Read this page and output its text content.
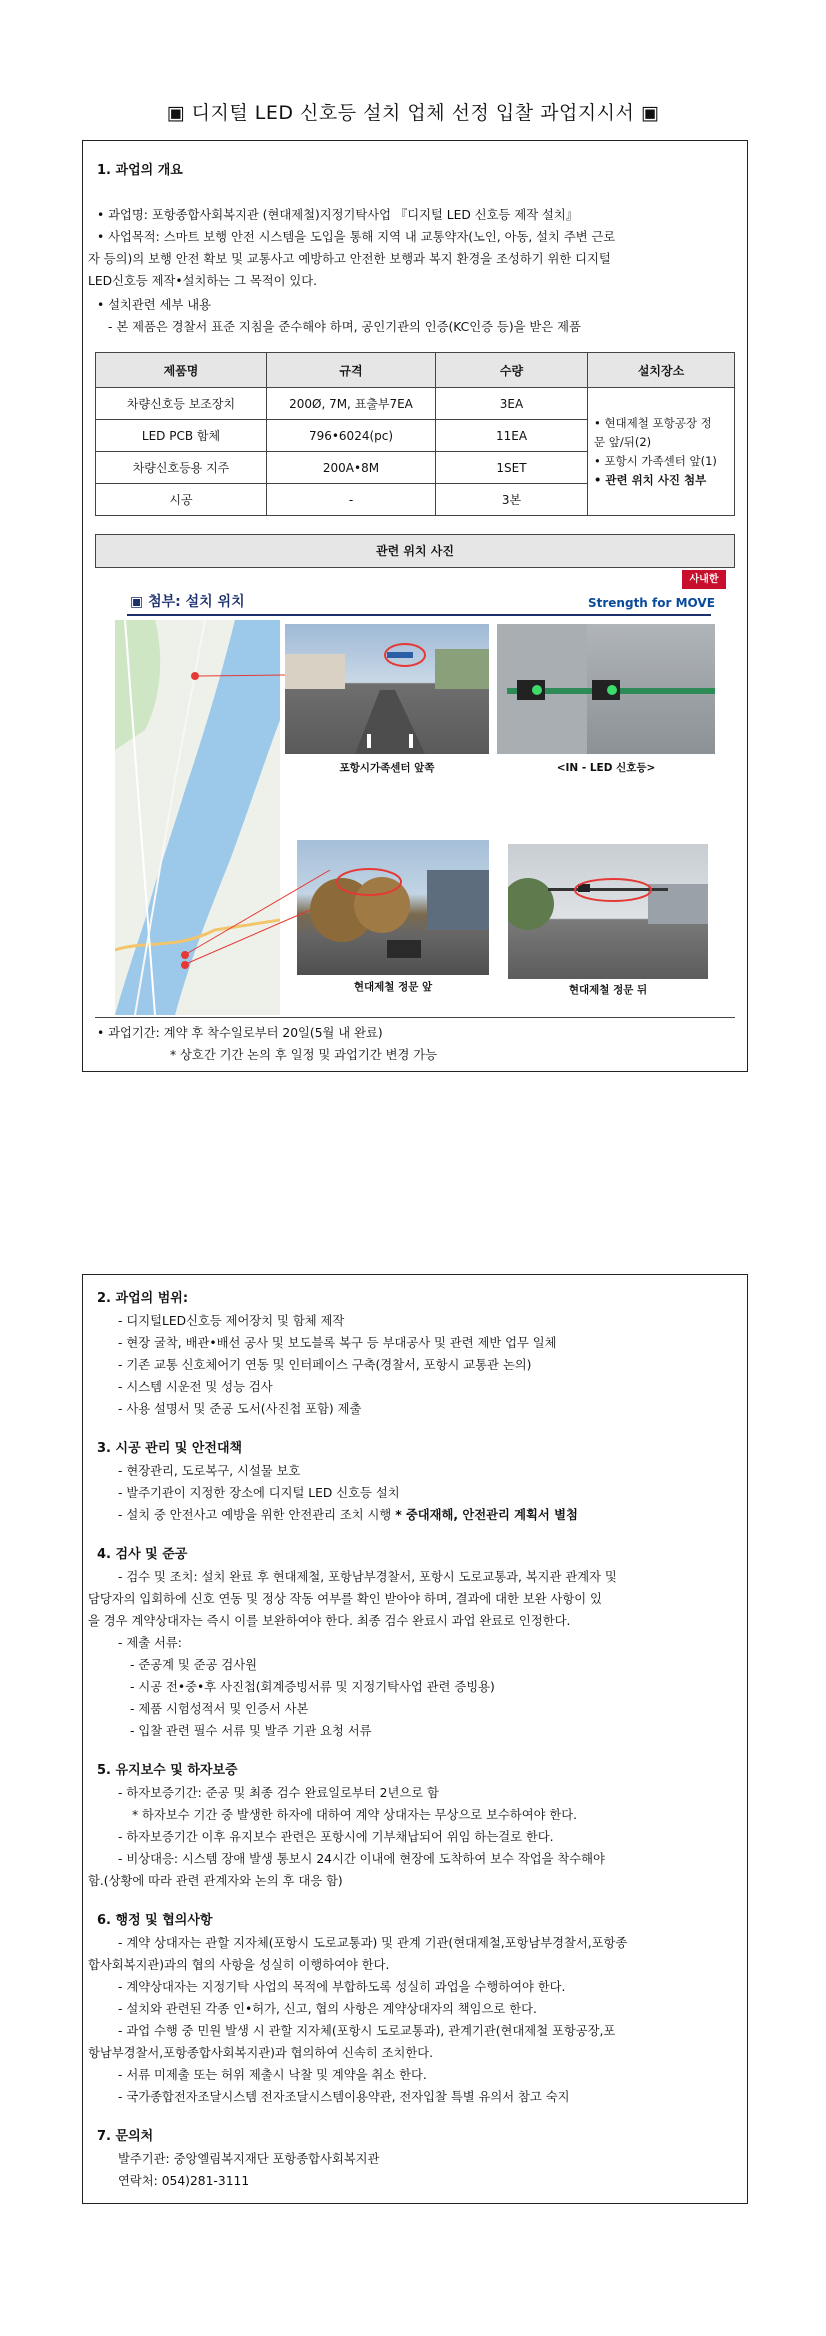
▣ 디지털 LED 신호등 설치 업체 선정 입찰 과업지시서 ▣
1. 과업의 개요
• 과업명: 포항종합사회복지관 (현대제철)지정기탁사업 『디지털 LED 신호등 제작 설치』
• 사업목적: 스마트 보행 안전 시스템을 도입을 통해 지역 내 교통약자(노인, 아동, 설치 주변 근로
자 등의)의 보행 안전 확보 및 교통사고 예방하고 안전한 보행과 복지 환경을 조성하기 위한 디지털
LED신호등 제작•설치하는 그 목적이 있다.
• 설치관련 세부 내용
- 본 제품은 경찰서 표준 지침을 준수해야 하며, 공인기관의 인증(KC인증 등)을 받은 제품
제품명	규격	수량	설치장소
차량신호등 보조장치	200Ø, 7M, 표출부7EA	3EA	• 현대제철 포항공장 정
문 앞/뒤(2)
• 포항시 가족센터 앞(1)
• 관련 위치 사진 첨부

LED PCB 함체	796•6024(pc)	11EA	
차량신호등용 지주	200A•8M	1SET	
시공	-	3본	
관련 위치 사진
사내한
▣ 첨부: 설치 위치	Strength for MOVE
포항시가족센터 앞쪽	<IN - LED 신호등>
현대제철 정문 앞	현대제철 정문 뒤
• 과업기간: 계약 후 착수일로부터 20일(5월 내 완료)
* 상호간 기간 논의 후 일정 및 과업기간 변경 가능
2. 과업의 범위:
- 디지털LED신호등 제어장치 및 함체 제작
- 현장 굴착, 배관•배선 공사 및 보도블록 복구 등 부대공사 및 관련 제반 업무 일체
- 기존 교통 신호체어기 연동 및 인터페이스 구축(경찰서, 포항시 교통관 논의)
- 시스템 시운전 및 성능 검사
- 사용 설명서 및 준공 도서(사진첩 포함) 제출
3. 시공 관리 및 안전대책
- 현장관리, 도로복구, 시설물 보호
- 발주기관이 지정한 장소에 디지털 LED 신호등 설치
- 설치 중 안전사고 예방을 위한 안전관리 조치 시행 * 중대재해, 안전관리 계획서 별첨
4. 검사 및 준공
- 검수 및 조치: 설치 완료 후 현대제철, 포항남부경찰서, 포항시 도로교통과, 복지관 관계자 및
담당자의 입회하에 신호 연동 및 정상 작동 여부를 확인 받아야 하며, 결과에 대한 보완 사항이 있
을 경우 계약상대자는 즉시 이를 보완하여야 한다. 최종 검수 완료시 과업 완료로 인정한다.
- 제출 서류:
- 준공계 및 준공 검사원
- 시공 전•중•후 사진첩(회계증빙서류 및 지정기탁사업 관련 증빙용)
- 제품 시험성적서 및 인증서 사본
- 입찰 관련 필수 서류 및 발주 기관 요청 서류
5. 유지보수 및 하자보증
- 하자보증기간: 준공 및 최종 검수 완료일로부터 2년으로 함
* 하자보수 기간 중 발생한 하자에 대하여 계약 상대자는 무상으로 보수하여야 한다.
- 하자보증기간 이후 유지보수 관련은 포항시에 기부채납되어 위임 하는걸로 한다.
- 비상대응: 시스템 장애 발생 통보시 24시간 이내에 현장에 도착하여 보수 작업을 착수해야
함.(상황에 따라 관련 관계자와 논의 후 대응 함)
6. 행정 및 협의사항
- 계약 상대자는 관할 지자체(포항시 도로교통과) 및 관계 기관(현대제철,포항남부경찰서,포항종
합사회복지관)과의 협의 사항을 성실히 이행하여야 한다.
- 계약상대자는 지정기탁 사업의 목적에 부합하도록 성실히 과업을 수행하여야 한다.
- 설치와 관련된 각종 인•허가, 신고, 협의 사항은 계약상대자의 책임으로 한다.
- 과업 수행 중 민원 발생 시 관할 지자체(포항시 도로교통과), 관계기관(현대제철 포항공장,포
항남부경찰서,포항종합사회복지관)과 협의하여 신속히 조치한다.
- 서류 미제출 또는 허위 제출시 낙찰 및 계약을 취소 한다.
- 국가종합전자조달시스템 전자조달시스템이용약관, 전자입찰 특별 유의서 참고 숙지
7. 문의처
발주기관: 중앙엘림복지재단 포항종합사회복지관
연락처: 054)281-3111
